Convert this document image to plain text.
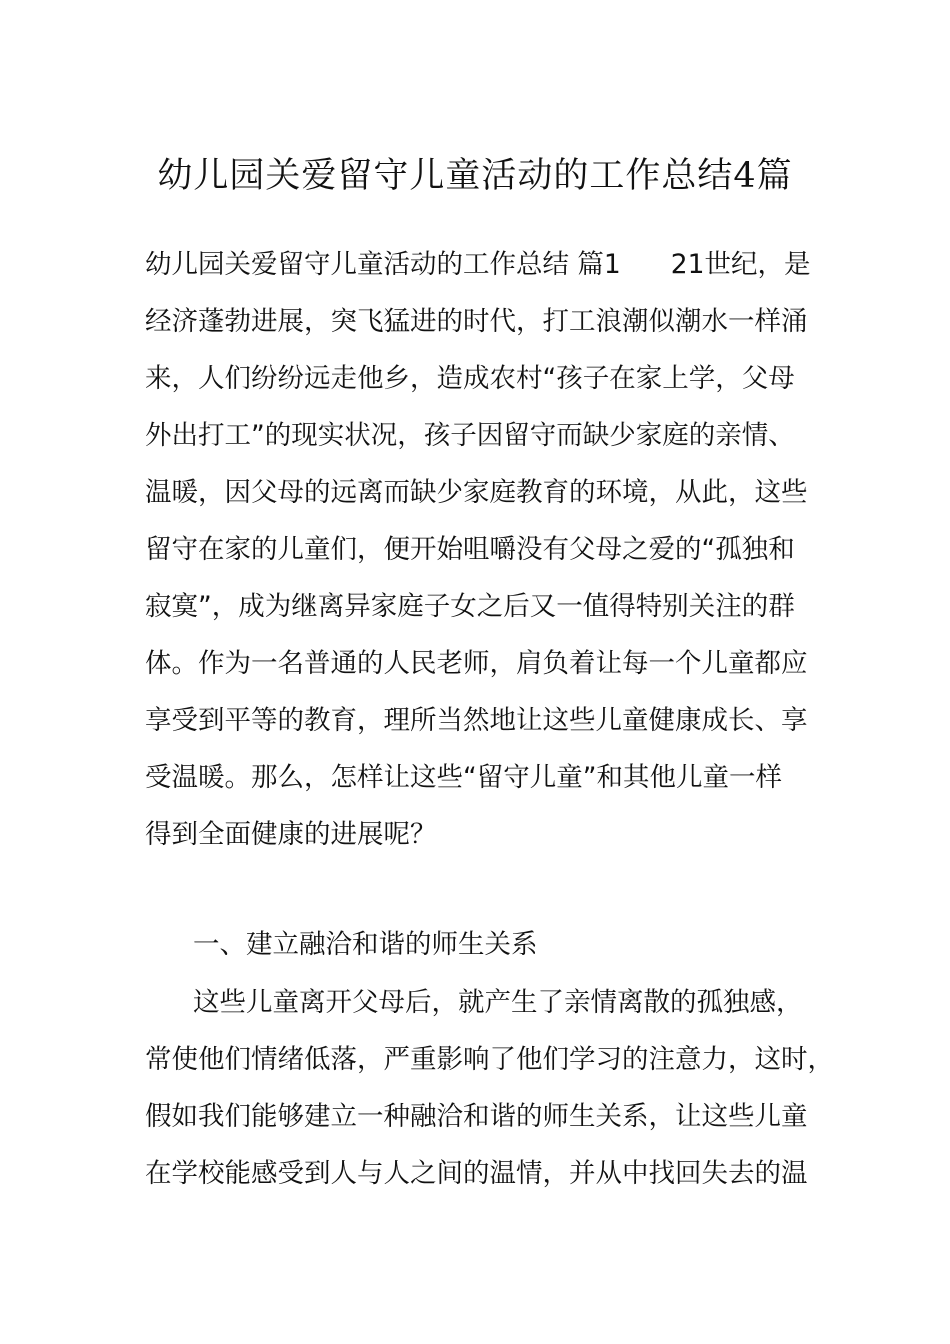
幼儿园关爱留守儿童活动的工作总结4篇

幼儿园关爱留守儿童活动的工作总结 篇1 21世纪，是

经济蓬勃进展，突飞猛进的时代，打工浪潮似潮水一样涌

来，人们纷纷远走他乡，造成农村“孩子在家上学，父母

外出打工”的现实状况，孩子因留守而缺少家庭的亲情、

温暖，因父母的远离而缺少家庭教育的环境，从此，这些

留守在家的儿童们，便开始咀嚼没有父母之爱的“孤独和

寂寞”，成为继离异家庭子女之后又一值得特别关注的群

体。作为一名普通的人民老师，肩负着让每一个儿童都应

享受到平等的教育，理所当然地让这些儿童健康成长、享

受温暖。那么，怎样让这些“留守儿童”和其他儿童一样

得到全面健康的进展呢？

一、建立融洽和谐的师生关系

这些儿童离开父母后，就产生了亲情离散的孤独感，

常使他们情绪低落，严重影响了他们学习的注意力，这时，

假如我们能够建立一种融洽和谐的师生关系，让这些儿童

在学校能感受到人与人之间的温情，并从中找回失去的温
